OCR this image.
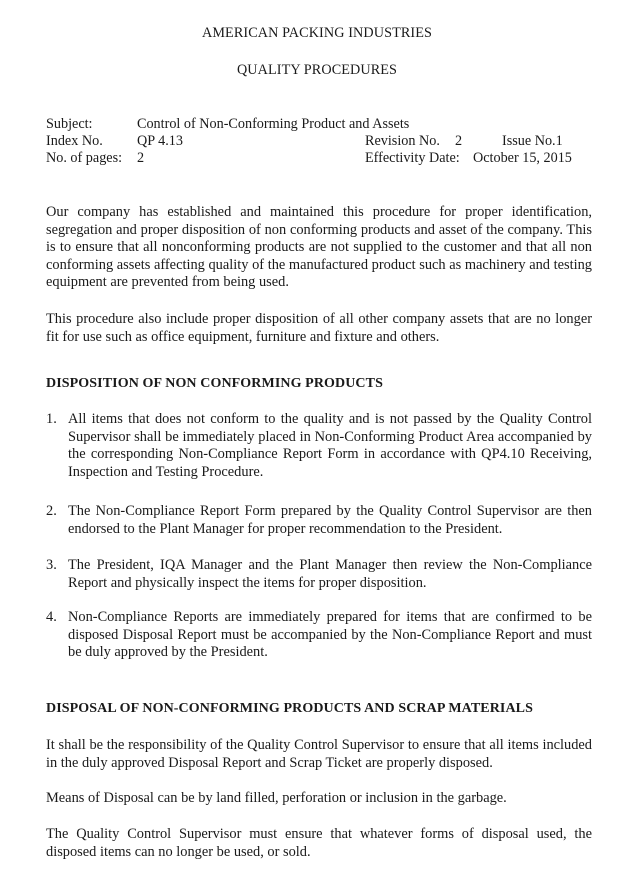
AMERICAN PACKING INDUSTRIES
QUALITY PROCEDURES
Subject:	Control of Non-Conforming Product and Assets
Index No. QP 4.13	Revision No. 2	Issue No.1
No. of pages: 2	Effectivity Date: October 15, 2015

Our company has established and maintained this procedure for proper identification, segregation and proper disposition of non conforming products and asset of the company. This is to ensure that all nonconforming products are not supplied to the customer and that all non conforming assets affecting quality of the manufactured product such as machinery and testing equipment are prevented from being used.

This procedure also include proper disposition of all other company assets that are no longer fit for use such as office equipment, furniture and fixture and others.

DISPOSITION OF NON CONFORMING PRODUCTS
1. All items that does not conform to the quality and is not passed by the Quality Control Supervisor shall be immediately placed in Non-Conforming Product Area accompanied by the corresponding Non-Compliance Report Form in accordance with QP4.10 Receiving, Inspection and Testing Procedure.
2. The Non-Compliance Report Form prepared by the Quality Control Supervisor are then endorsed to the Plant Manager for proper recommendation to the President.
3. The President, IQA Manager and the Plant Manager then review the Non-Compliance Report and physically inspect the items for proper disposition.
4. Non-Compliance Reports are immediately prepared for items that are confirmed to be disposed Disposal Report must be accompanied by the Non-Compliance Report and must be duly approved by the President.
DISPOSAL OF NON-CONFORMING PRODUCTS AND SCRAP MATERIALS

It shall be the responsibility of the Quality Control Supervisor to ensure that all items included in the duly approved Disposal Report and Scrap Ticket are properly disposed.

Means of Disposal can be by land filled, perforation or inclusion in the garbage.

The Quality Control Supervisor must ensure that whatever forms of disposal used, the disposed items can no longer be used, or sold.
